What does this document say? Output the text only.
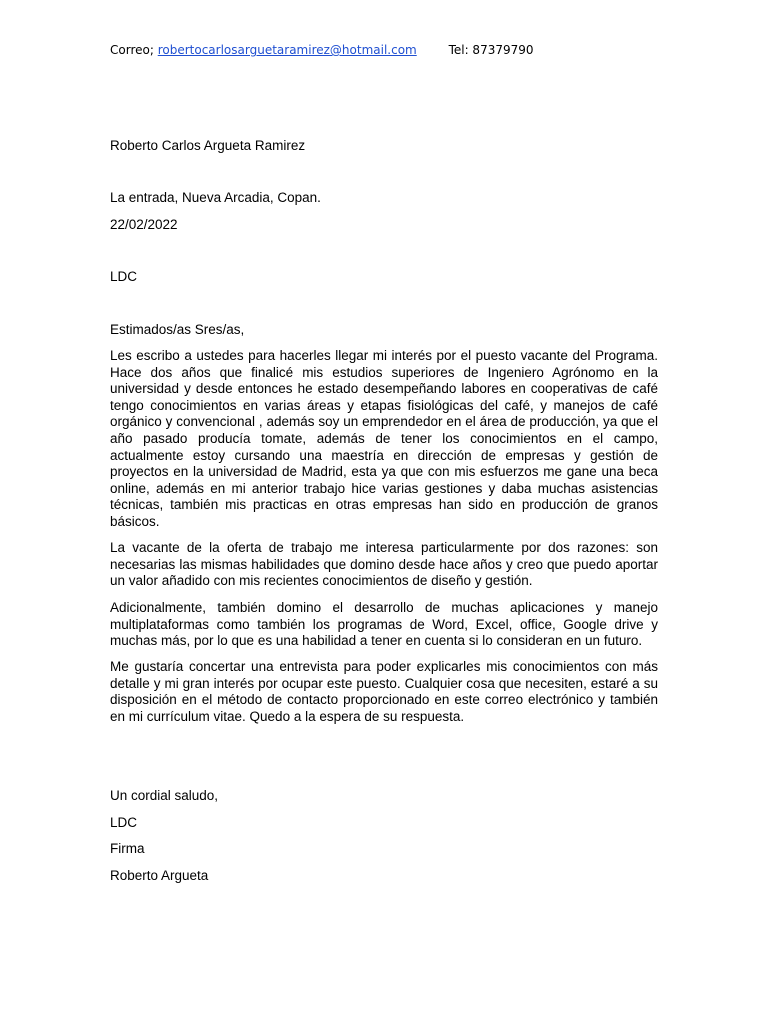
Correo; robertocarlosarguetaramirez@hotmail.com	Tel: 87379790
Roberto Carlos Argueta Ramirez
La entrada, Nueva Arcadia, Copan.
22/02/2022
LDC
Estimados/as Sres/as,

Les escribo a ustedes para hacerles llegar mi interés por el puesto vacante del Programa. Hace dos años que finalicé mis estudios superiores de Ingeniero Agrónomo en la universidad y desde entonces he estado desempeñando labores en cooperativas de café tengo conocimientos en varias áreas y etapas fisiológicas del café, y manejos de café orgánico y convencional , además soy un emprendedor en el área de producción, ya que el año pasado producía tomate, además de tener los conocimientos en el campo, actualmente estoy cursando una maestría en dirección de empresas y gestión de proyectos en la universidad de Madrid, esta ya que con mis esfuerzos me gane una beca online, además en mi anterior trabajo hice varias gestiones y daba muchas asistencias técnicas, también mis practicas en otras empresas han sido en producción de granos básicos.

La vacante de la oferta de trabajo me interesa particularmente por dos razones: son necesarias las mismas habilidades que domino desde hace años y creo que puedo aportar un valor añadido con mis recientes conocimientos de diseño y gestión.

Adicionalmente, también domino el desarrollo de muchas aplicaciones y manejo multiplataformas como también los programas de Word, Excel, office, Google drive y muchas más, por lo que es una habilidad a tener en cuenta si lo consideran en un futuro.

Me gustaría concertar una entrevista para poder explicarles mis conocimientos con más detalle y mi gran interés por ocupar este puesto. Cualquier cosa que necesiten, estaré a su disposición en el método de contacto proporcionado en este correo electrónico y también en mi currículum vitae. Quedo a la espera de su respuesta.

Un cordial saludo,
LDC
Firma
Roberto Argueta
